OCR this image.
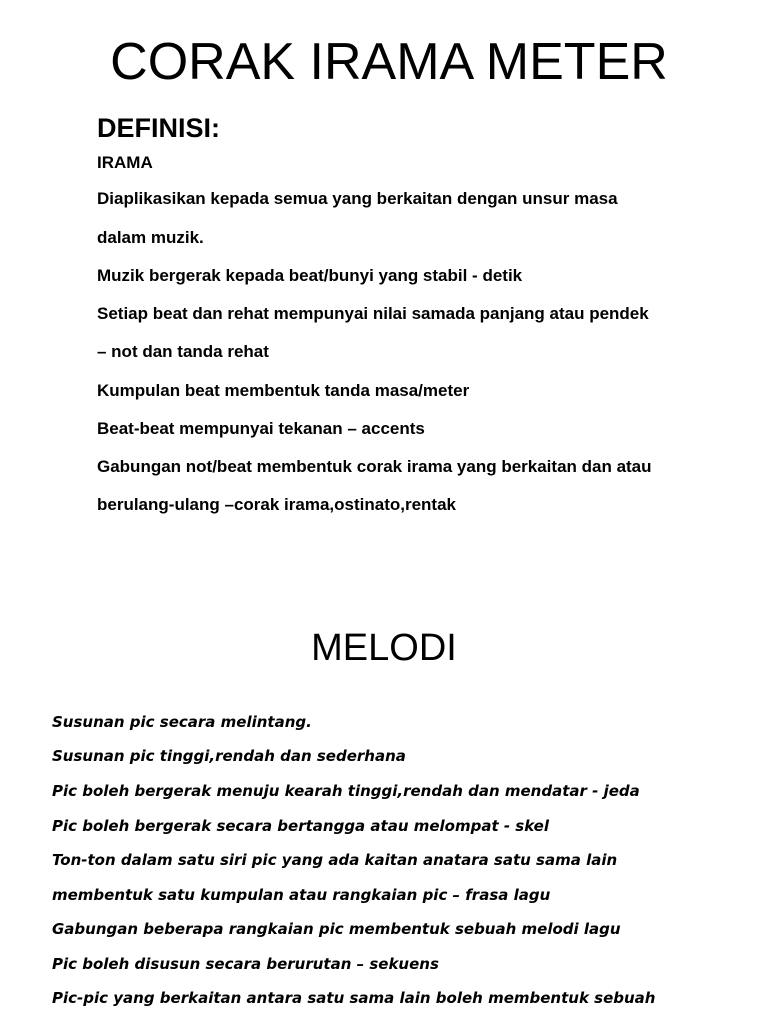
CORAK IRAMA METER
DEFINISI:
IRAMA
Diaplikasikan kepada semua yang berkaitan dengan unsur masa
dalam muzik.
Muzik bergerak kepada beat/bunyi yang stabil - detik
Setiap beat dan rehat mempunyai nilai samada panjang atau pendek
– not dan tanda rehat
Kumpulan beat membentuk tanda masa/meter
Beat-beat mempunyai tekanan – accents
Gabungan not/beat membentuk corak irama yang berkaitan dan atau
berulang-ulang –corak irama,ostinato,rentak
MELODI
Susunan pic secara melintang.
Susunan pic tinggi,rendah dan sederhana
Pic boleh bergerak menuju kearah tinggi,rendah dan mendatar - jeda
Pic boleh bergerak secara bertangga atau melompat - skel
Ton-ton dalam satu siri pic yang ada kaitan anatara satu sama lain
membentuk satu kumpulan atau rangkaian pic – frasa lagu
Gabungan beberapa rangkaian pic membentuk sebuah melodi lagu
Pic boleh disusun secara berurutan – sekuens
Pic-pic yang berkaitan antara satu sama lain boleh membentuk sebuah
